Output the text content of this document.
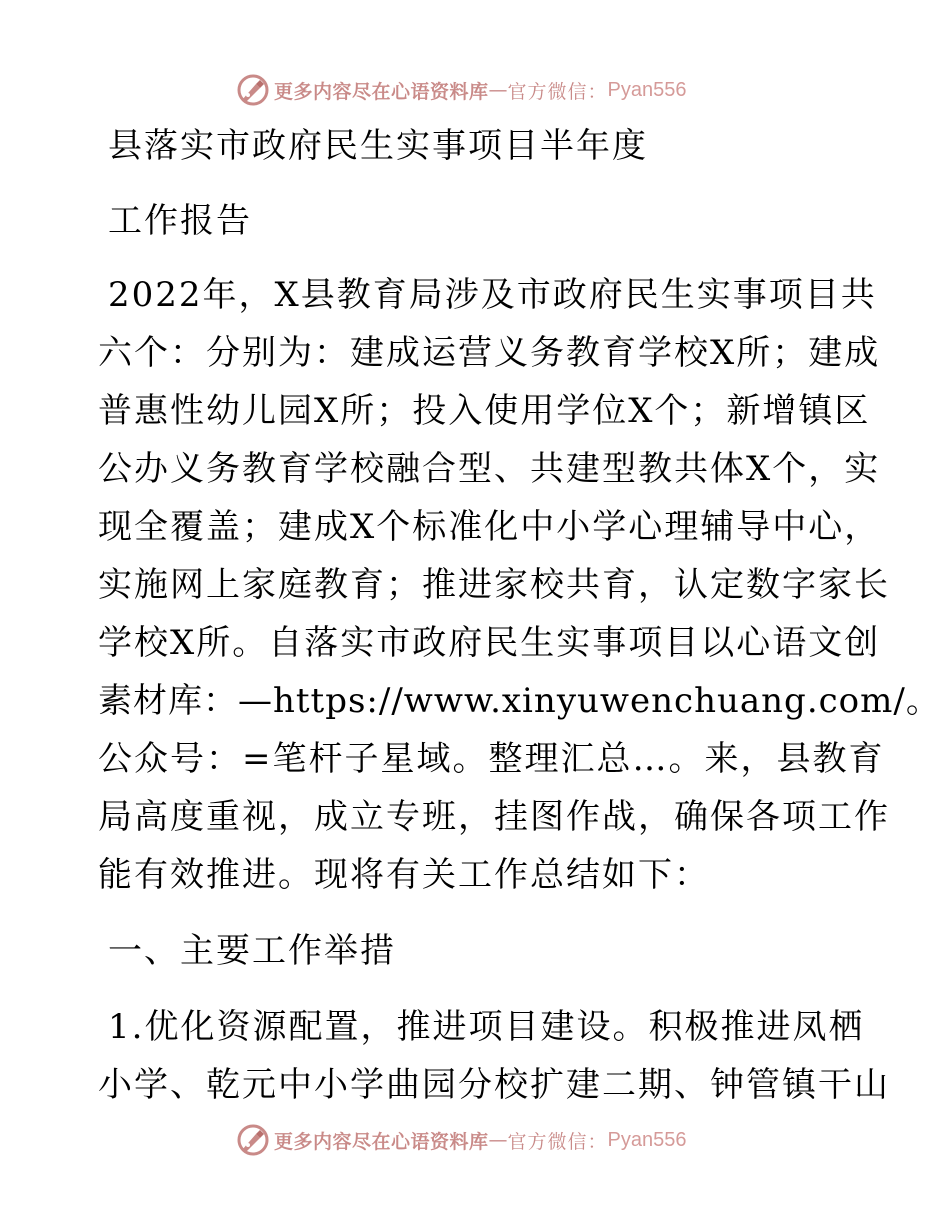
更多内容尽在心语资料库 — 官方微信： Pyan556
县落实市政府民生实事项目半年度
工作报告
2022年，X县教育局涉及市政府民生实事项目共
六个：分别为：建成运营义务教育学校X所；建成
普惠性幼儿园X所；投入使用学位X个；新增镇区
公办义务教育学校融合型、共建型教共体X个，实
现全覆盖；建成X个标准化中小学心理辅导中心，
实施网上家庭教育；推进家校共育，认定数字家长
学校X所。自落实市政府民生实事项目以心语文创
素材库：—https://www.xinyuwenchuang.com/。
公众号：=笔杆子星域。整理汇总…。来，县教育
局高度重视，成立专班，挂图作战，确保各项工作
能有效推进。现将有关工作总结如下：
一、主要工作举措
1.优化资源配置，推进项目建设。积极推进凤栖
小学、乾元中小学曲园分校扩建二期、钟管镇干山
更多内容尽在心语资料库 — 官方微信： Pyan556
